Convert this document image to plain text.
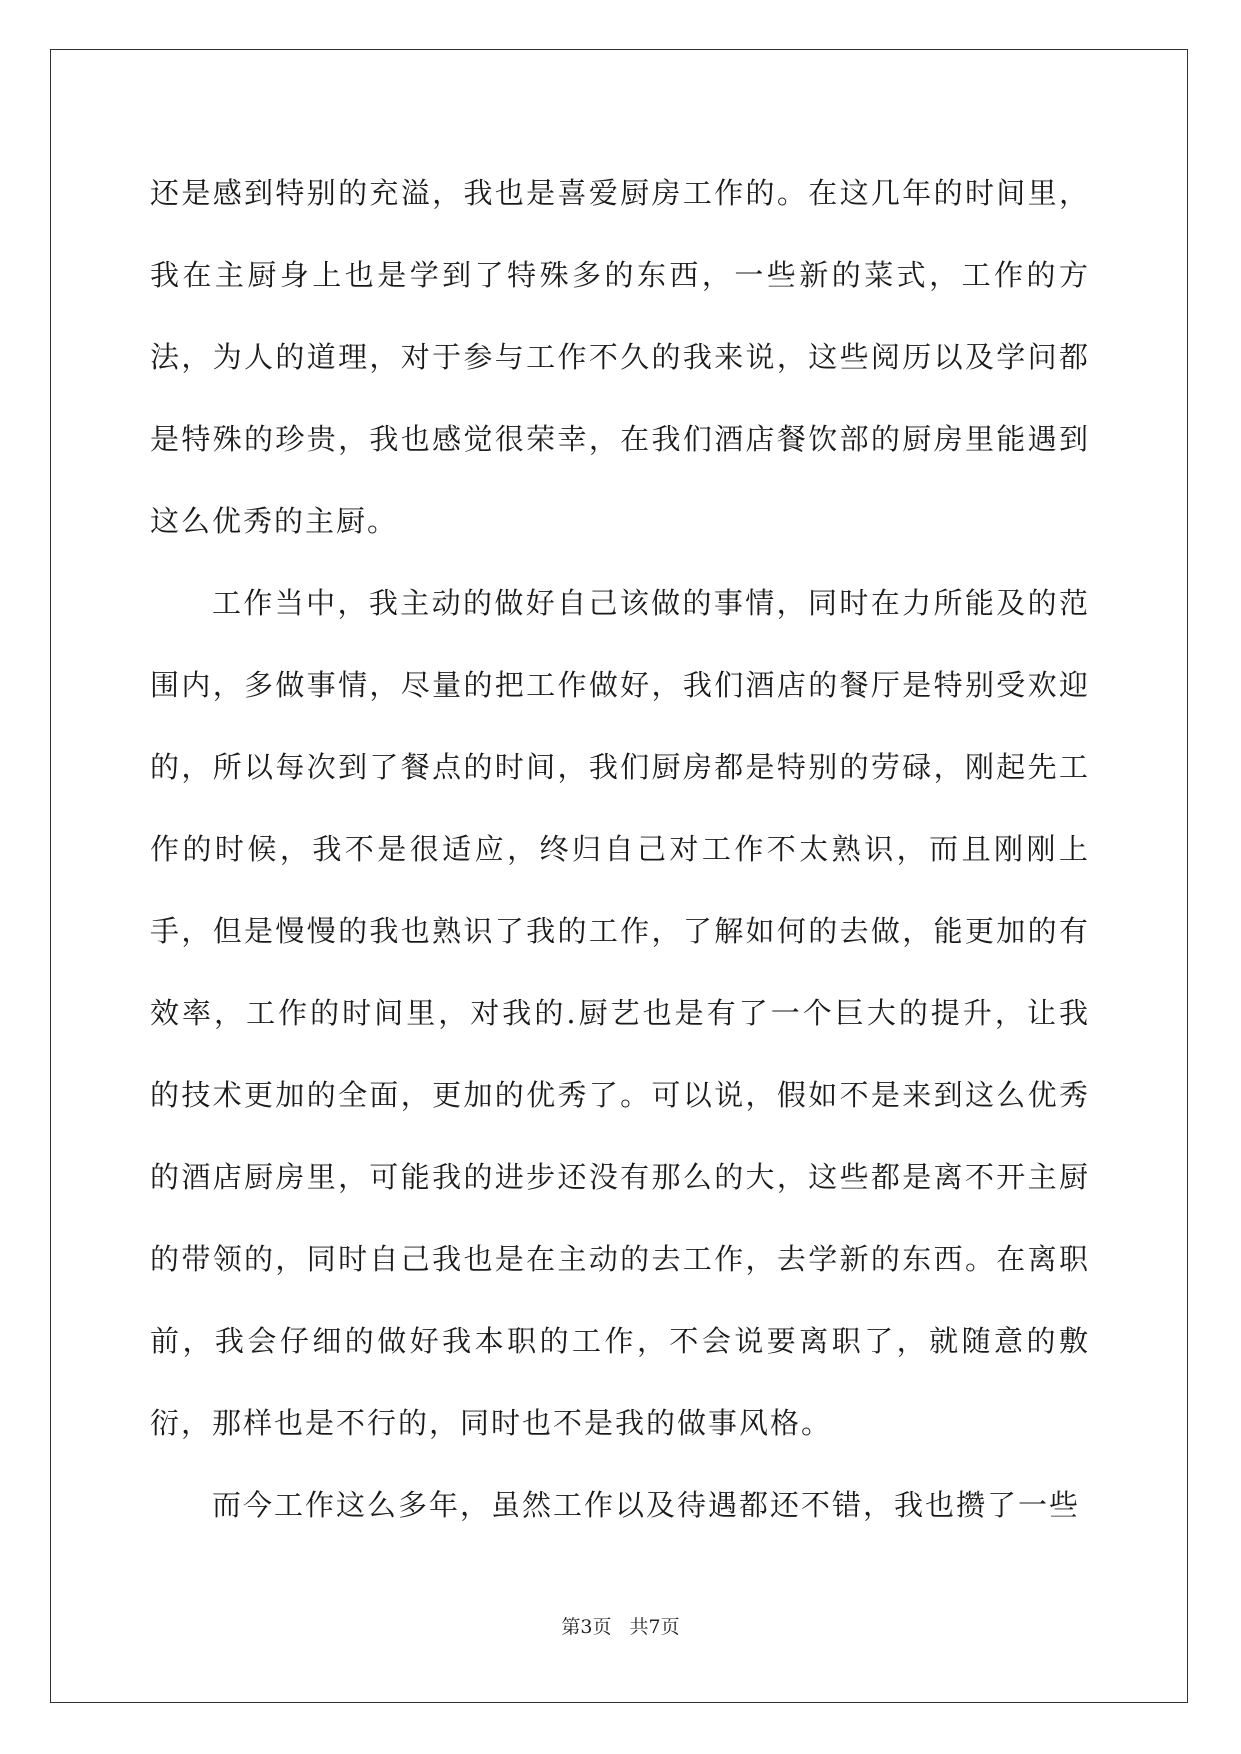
还是感到特别的充溢，我也是喜爱厨房工作的。在这几年的时间里，我在主厨身上也是学到了特殊多的东西，一些新的菜式，工作的方法，为人的道理，对于参与工作不久的我来说，这些阅历以及学问都是特殊的珍贵，我也感觉很荣幸，在我们酒店餐饮部的厨房里能遇到这么优秀的主厨。

工作当中，我主动的做好自己该做的事情，同时在力所能及的范围内，多做事情，尽量的把工作做好，我们酒店的餐厅是特别受欢迎的，所以每次到了餐点的时间，我们厨房都是特别的劳碌，刚起先工作的时候，我不是很适应，终归自己对工作不太熟识，而且刚刚上手，但是慢慢的我也熟识了我的工作，了解如何的去做，能更加的有效率，工作的时间里，对我的.厨艺也是有了一个巨大的提升，让我的技术更加的全面，更加的优秀了。可以说，假如不是来到这么优秀的酒店厨房里，可能我的进步还没有那么的大，这些都是离不开主厨的带领的，同时自己我也是在主动的去工作，去学新的东西。在离职前，我会仔细的做好我本职的工作，不会说要离职了，就随意的敷衍，那样也是不行的，同时也不是我的做事风格。

而今工作这么多年，虽然工作以及待遇都还不错，我也攒了一些

第3页 共7页
